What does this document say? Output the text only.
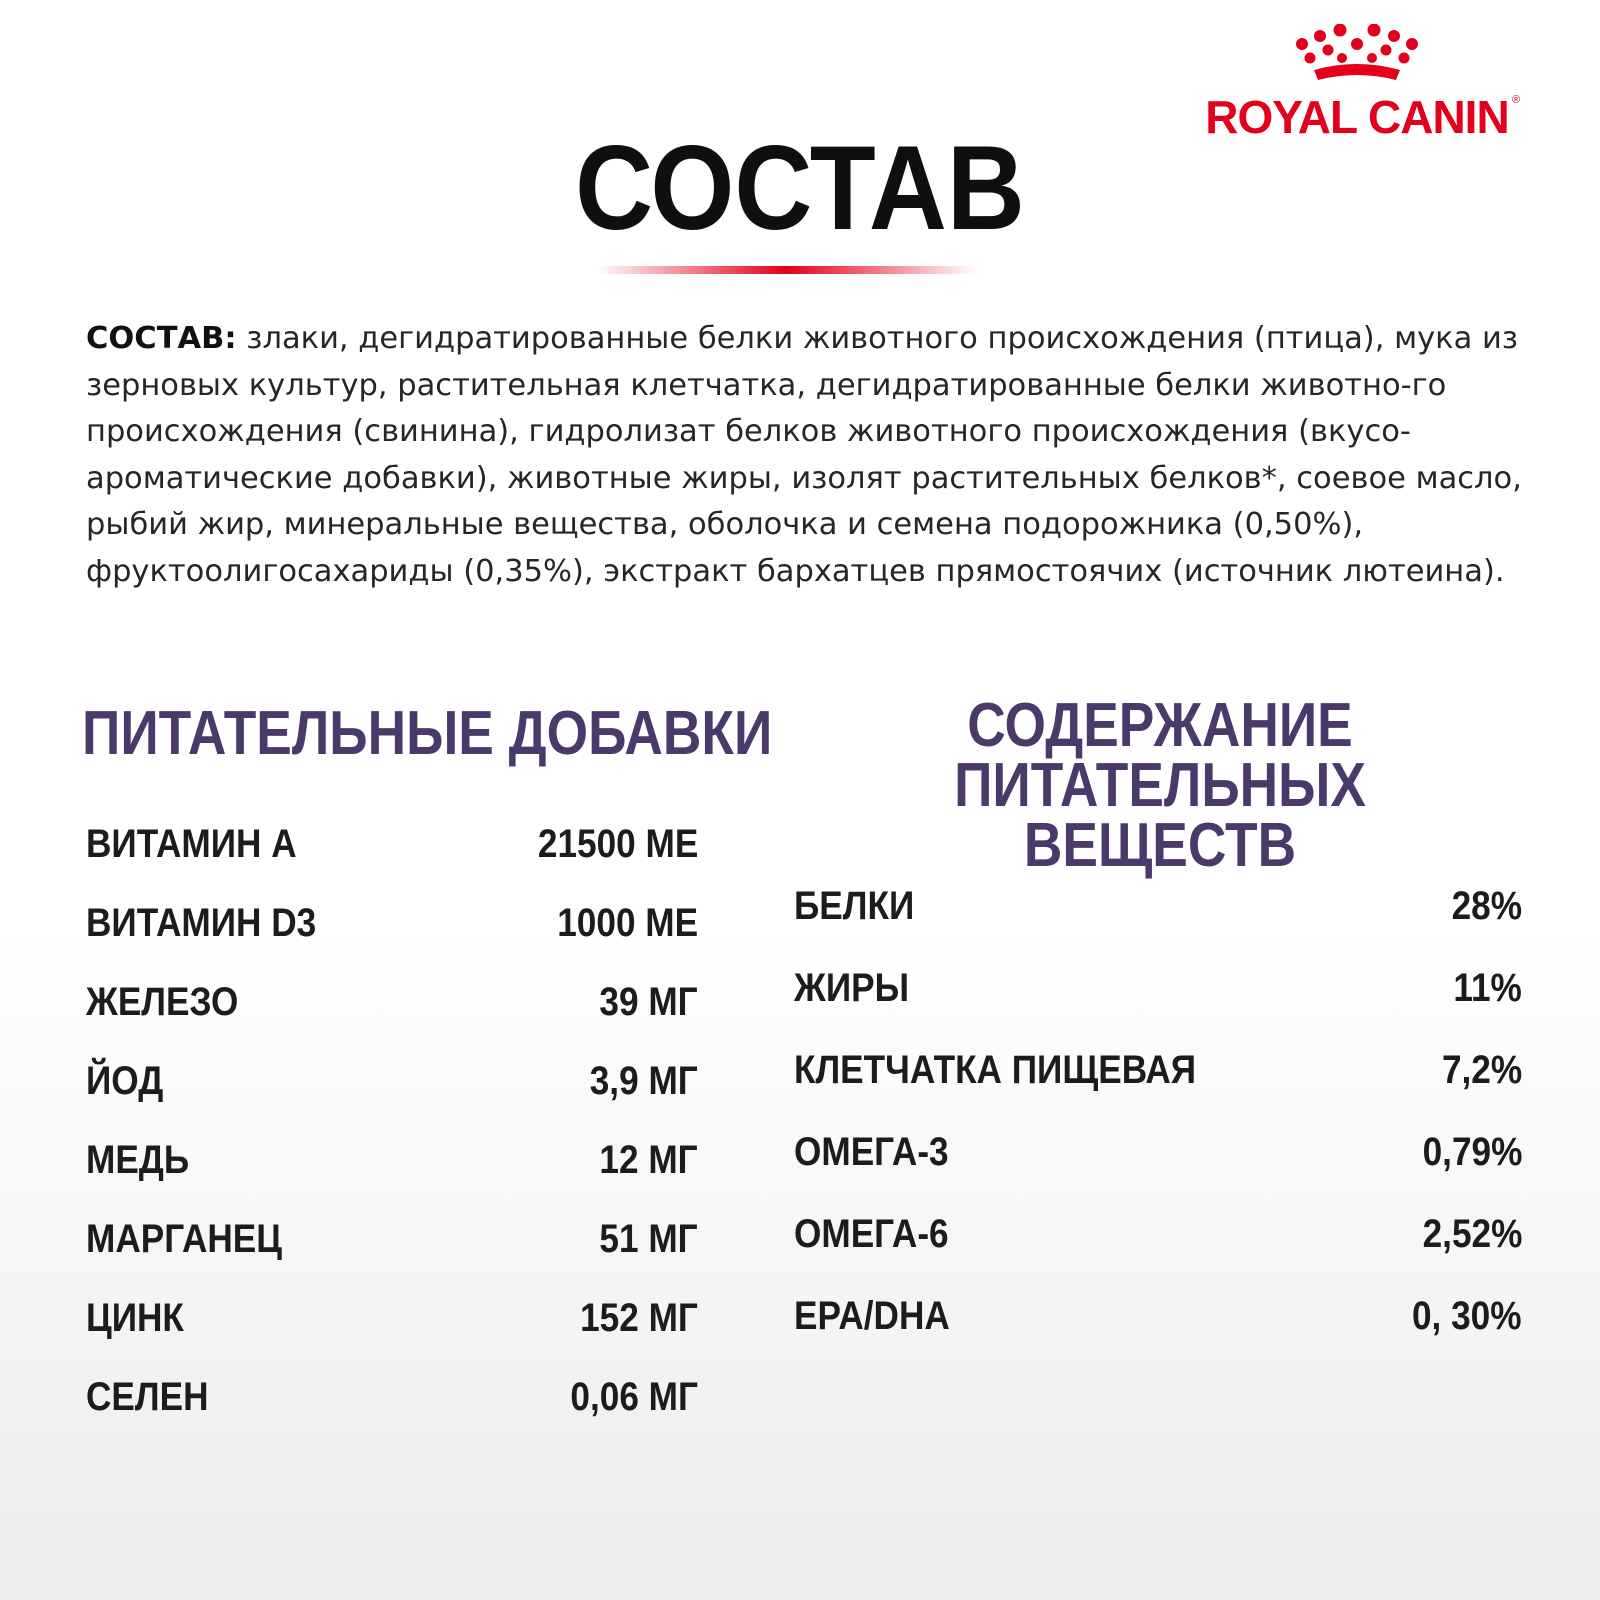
ROYAL CANIN ®
СОСТАВ
СОСТАВ: злаки, дегидратированные белки животного происхождения (птица), мука из зерновых культур, растительная клетчатка, дегидратированные белки животно-го происхождения (свинина), гидролизат белков животного происхождения (вкусо-ароматические добавки), животные жиры, изолят растительных белков*, соевое масло, рыбий жир, минеральные вещества, оболочка и семена подорожника (0,50%), фруктоолигосахариды (0,35%), экстракт бархатцев прямостоячих (источник лютеина).
ПИТАТЕЛЬНЫЕ ДОБАВКИ	СОДЕРЖАНИЕ ПИТАТЕЛЬНЫХ
ВЕЩЕСТВ
ВИТАМИН А	21500 МЕ
ВИТАМИН D3	1000 МЕ
ЖЕЛЕЗО	39 МГ
ЙОД	3,9 МГ
МЕДЬ	12 МГ
МАРГАНЕЦ	51 МГ
ЦИНК	152 МГ
СЕЛЕН	0,06 МГ
БЕЛКИ	28%
ЖИРЫ	11%
КЛЕТЧАТКА ПИЩЕВАЯ	7,2%
ОМЕГА-3	0,79%
ОМЕГА-6	2,52%
EPA/DHA	0, 30%
